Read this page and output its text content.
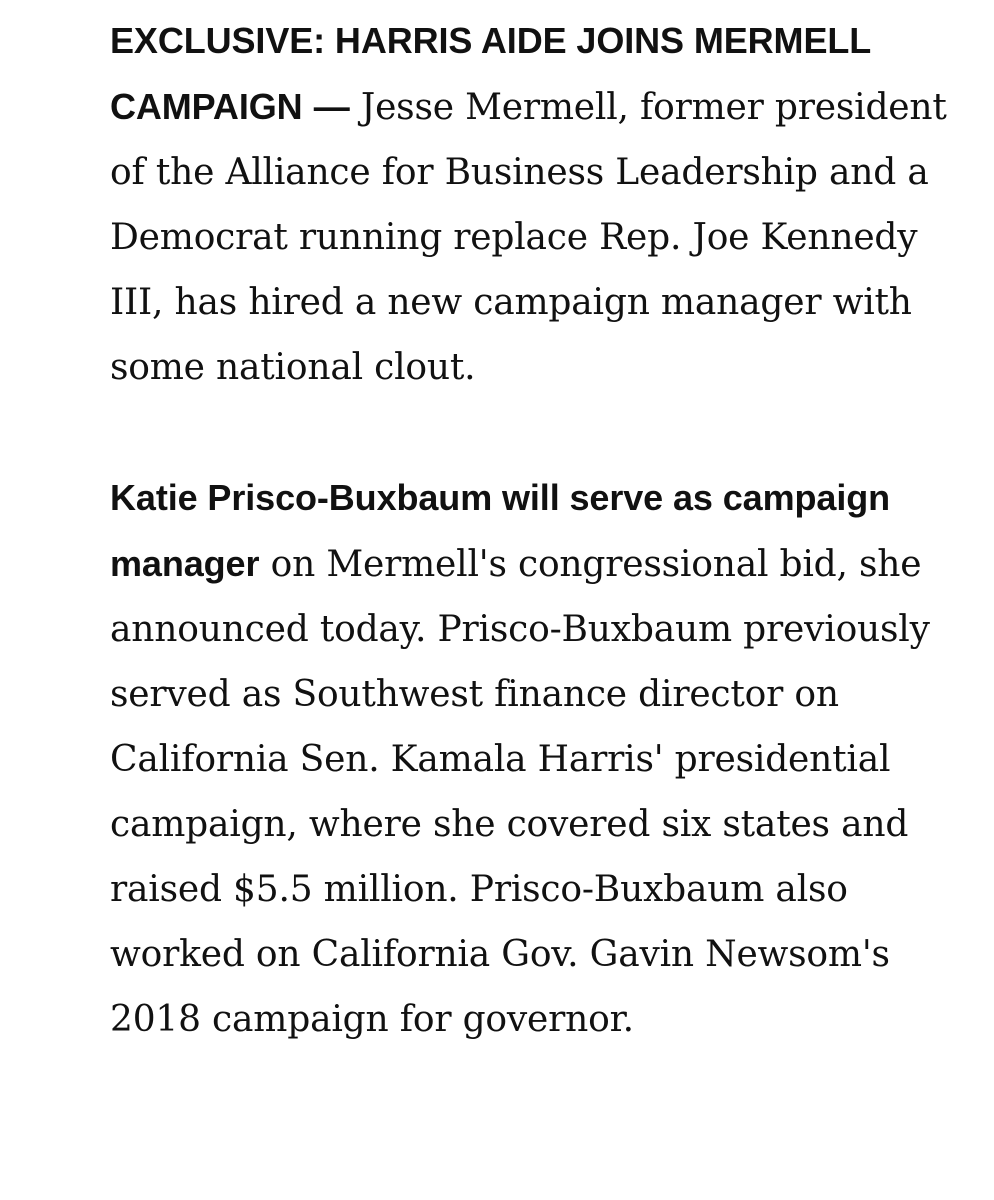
EXCLUSIVE: HARRIS AIDE JOINS MERMELL CAMPAIGN — Jesse Mermell, former president of the Alliance for Business Leadership and a Democrat running replace Rep. Joe Kennedy III, has hired a new campaign manager with some national clout.

Katie Prisco-Buxbaum will serve as campaign manager on Mermell's congressional bid, she announced today. Prisco-Buxbaum previously served as Southwest finance director on California Sen. Kamala Harris' presidential campaign, where she covered six states and raised $5.5 million. Prisco-Buxbaum also worked on California Gov. Gavin Newsom's 2018 campaign for governor.
